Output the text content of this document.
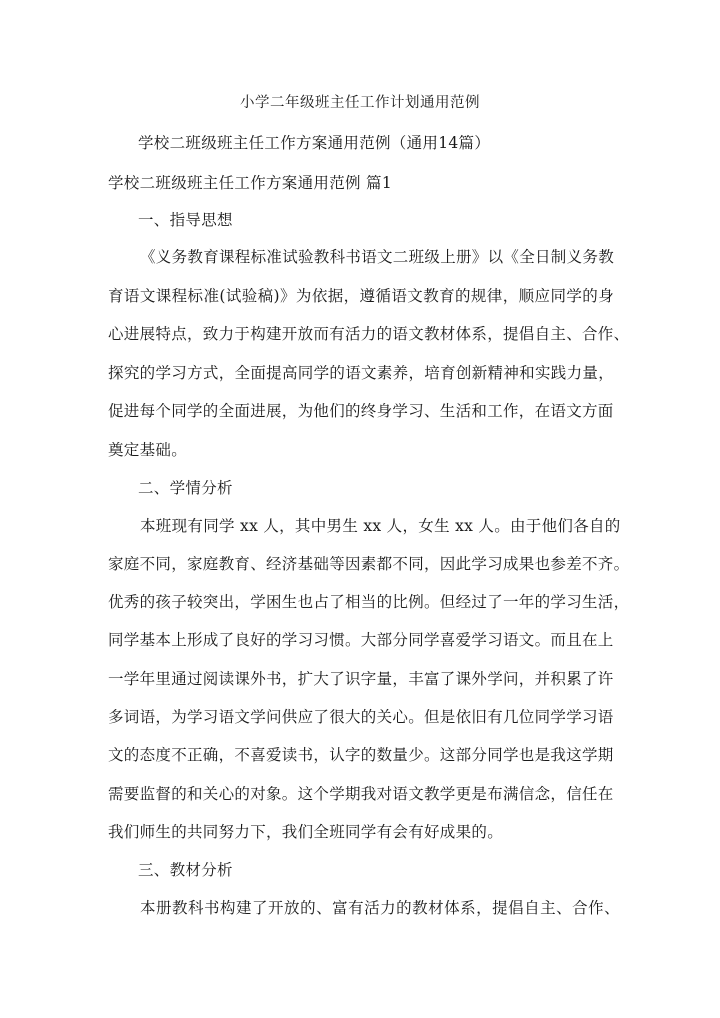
小学二年级班主任工作计划通用范例
学校二班级班主任工作方案通用范例（通用14篇）
学校二班级班主任工作方案通用范例 篇1
一、指导思想
《义务教育课程标准试验教科书语文二班级上册》以《全日制义务教
育语文课程标准(试验稿)》为依据，遵循语文教育的规律，顺应同学的身
心进展特点，致力于构建开放而有活力的语文教材体系，提倡自主、合作、
探究的学习方式，全面提高同学的语文素养，培育创新精神和实践力量，
促进每个同学的全面进展，为他们的终身学习、生活和工作，在语文方面
奠定基础。
二、学情分析
本班现有同学 xx 人，其中男生 xx 人，女生 xx 人。由于他们各自的
家庭不同，家庭教育、经济基础等因素都不同，因此学习成果也参差不齐。
优秀的孩子较突出，学困生也占了相当的比例。但经过了一年的学习生活，
同学基本上形成了良好的学习习惯。大部分同学喜爱学习语文。而且在上
一学年里通过阅读课外书，扩大了识字量，丰富了课外学问，并积累了许
多词语，为学习语文学问供应了很大的关心。但是依旧有几位同学学习语
文的态度不正确，不喜爱读书，认字的数量少。这部分同学也是我这学期
需要监督的和关心的对象。这个学期我对语文教学更是布满信念，信任在
我们师生的共同努力下，我们全班同学有会有好成果的。
三、教材分析
本册教科书构建了开放的、富有活力的教材体系，提倡自主、合作、
